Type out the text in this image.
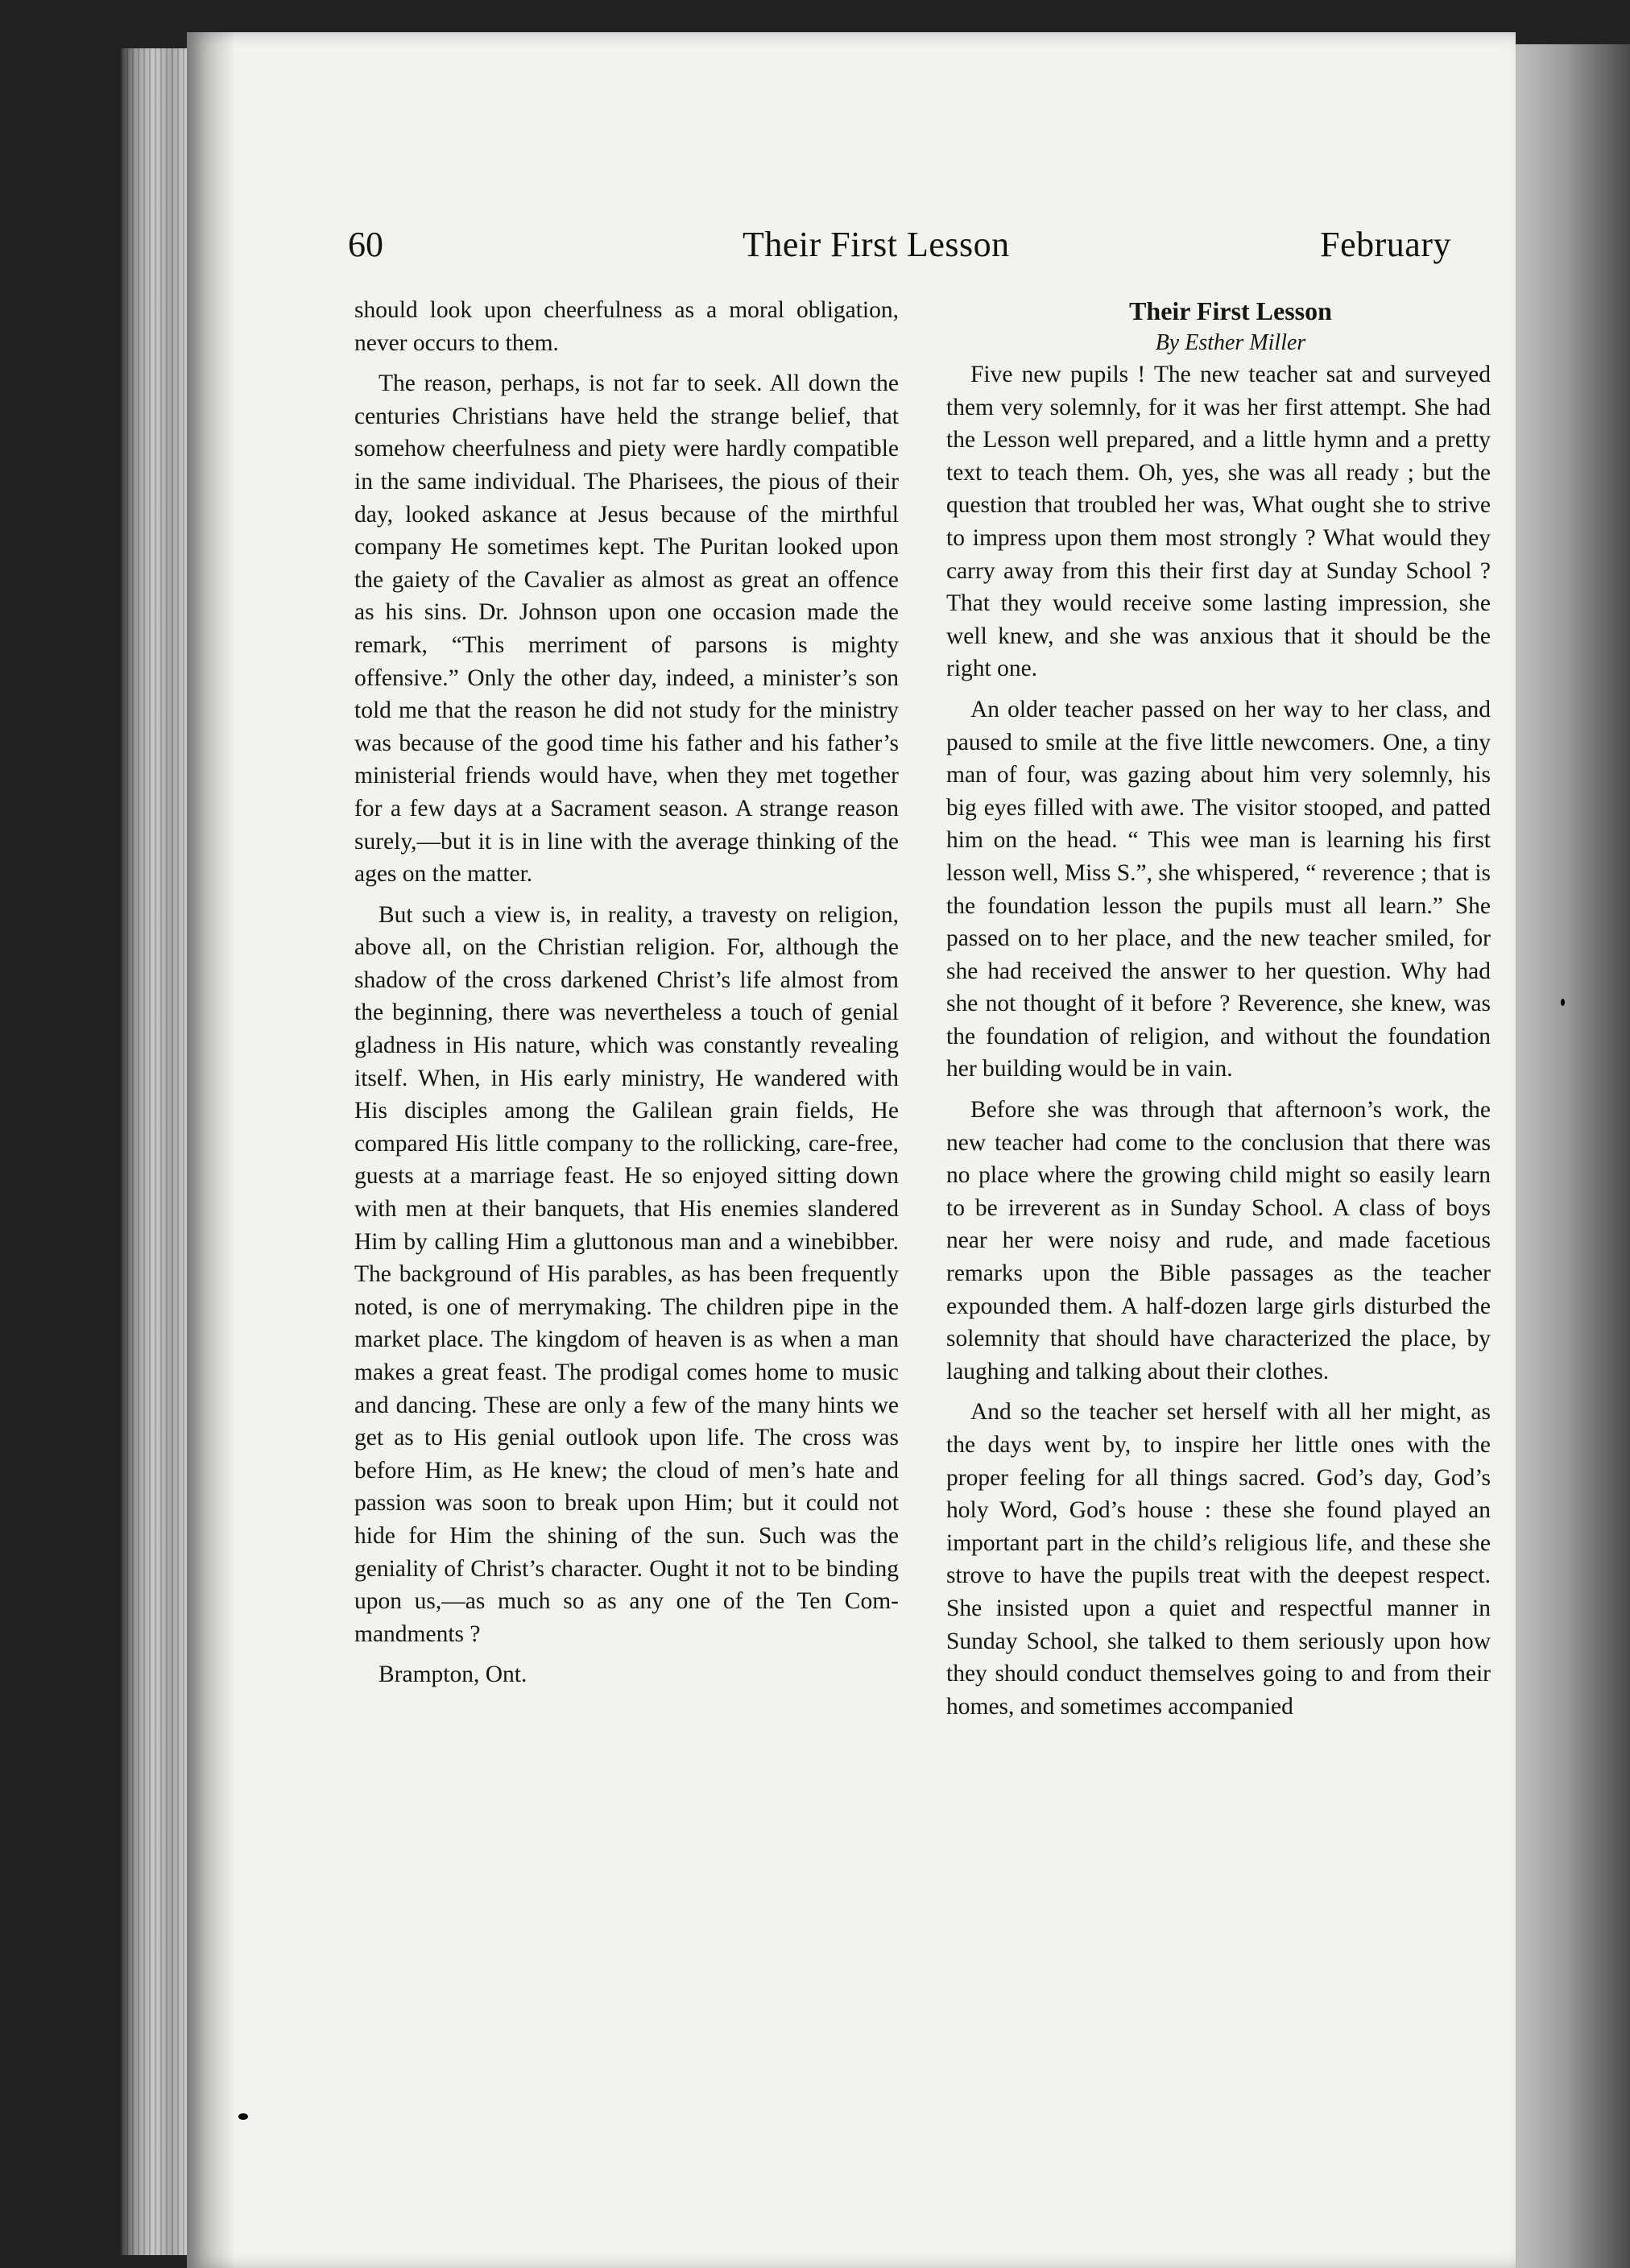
60	Their First Lesson	February

should look upon cheerfulness as a moral obligation, never occurs to them.

The reason, perhaps, is not far to seek. All down the centuries Christians have held the strange belief, that somehow cheerfulness and piety were hardly compatible in the same individual. The Pharisees, the pious of their day, looked askance at Jesus because of the mirthful company He sometimes kept. The Puritan looked upon the gaiety of the Cavalier as almost as great an offence as his sins. Dr. Johnson upon one occasion made the remark, “This merriment of parsons is mighty offensive.” Only the other day, indeed, a minister’s son told me that the reason he did not study for the ministry was because of the good time his father and his father’s ministerial friends would have, when they met together for a few days at a Sacrament season. A strange reason surely,—but it is in line with the average thinking of the ages on the matter.

But such a view is, in reality, a travesty on religion, above all, on the Christian religion. For, although the shadow of the cross darkened Christ’s life almost from the beginning, there was nevertheless a touch of genial gladness in His nature, which was constantly revealing itself. When, in His early ministry, He wandered with His disciples among the Galilean grain fields, He compared His little company to the rollicking, care-free, guests at a marriage feast. He so enjoyed sitting down with men at their banquets, that His enemies slandered Him by calling Him a gluttonous man and a winebibber. The background of His parables, as has been frequently noted, is one of merrymaking. The children pipe in the market place. The kingdom of heaven is as when a man makes a great feast. The prodigal comes home to music and dancing. These are only a few of the many hints we get as to His genial outlook upon life. The cross was before Him, as He knew; the cloud of men’s hate and passion was soon to break upon Him; but it could not hide for Him the shining of the sun. Such was the geniality of Christ’s character. Ought it not to be binding upon us,—as much so as any one of the Ten Commandments ?

Brampton, Ont.

Their First Lesson

By Esther Miller

Five new pupils ! The new teacher sat and surveyed them very solemnly, for it was her first attempt. She had the Lesson well prepared, and a little hymn and a pretty text to teach them. Oh, yes, she was all ready ; but the question that troubled her was, What ought she to strive to impress upon them most strongly ? What would they carry away from this their first day at Sunday School ? That they would receive some lasting impression, she well knew, and she was anxious that it should be the right one.

An older teacher passed on her way to her class, and paused to smile at the five little newcomers. One, a tiny man of four, was gazing about him very solemnly, his big eyes filled with awe. The visitor stooped, and patted him on the head. “ This wee man is learning his first lesson well, Miss S.”, she whispered, “ reverence ; that is the foundation lesson the pupils must all learn.” She passed on to her place, and the new teacher smiled, for she had received the answer to her question. Why had she not thought of it before ? Reverence, she knew, was the foundation of religion, and without the foundation her building would be in vain.

Before she was through that afternoon’s work, the new teacher had come to the conclusion that there was no place where the growing child might so easily learn to be irreverent as in Sunday School. A class of boys near her were noisy and rude, and made facetious remarks upon the Bible passages as the teacher expounded them. A half-dozen large girls disturbed the solemnity that should have characterized the place, by laughing and talking about their clothes.

And so the teacher set herself with all her might, as the days went by, to inspire her little ones with the proper feeling for all things sacred. God’s day, God’s holy Word, God’s house : these she found played an important part in the child’s religious life, and these she strove to have the pupils treat with the deepest respect. She insisted upon a quiet and respectful manner in Sunday School, she talked to them seriously upon how they should conduct themselves going to and from their homes, and sometimes accompanied
